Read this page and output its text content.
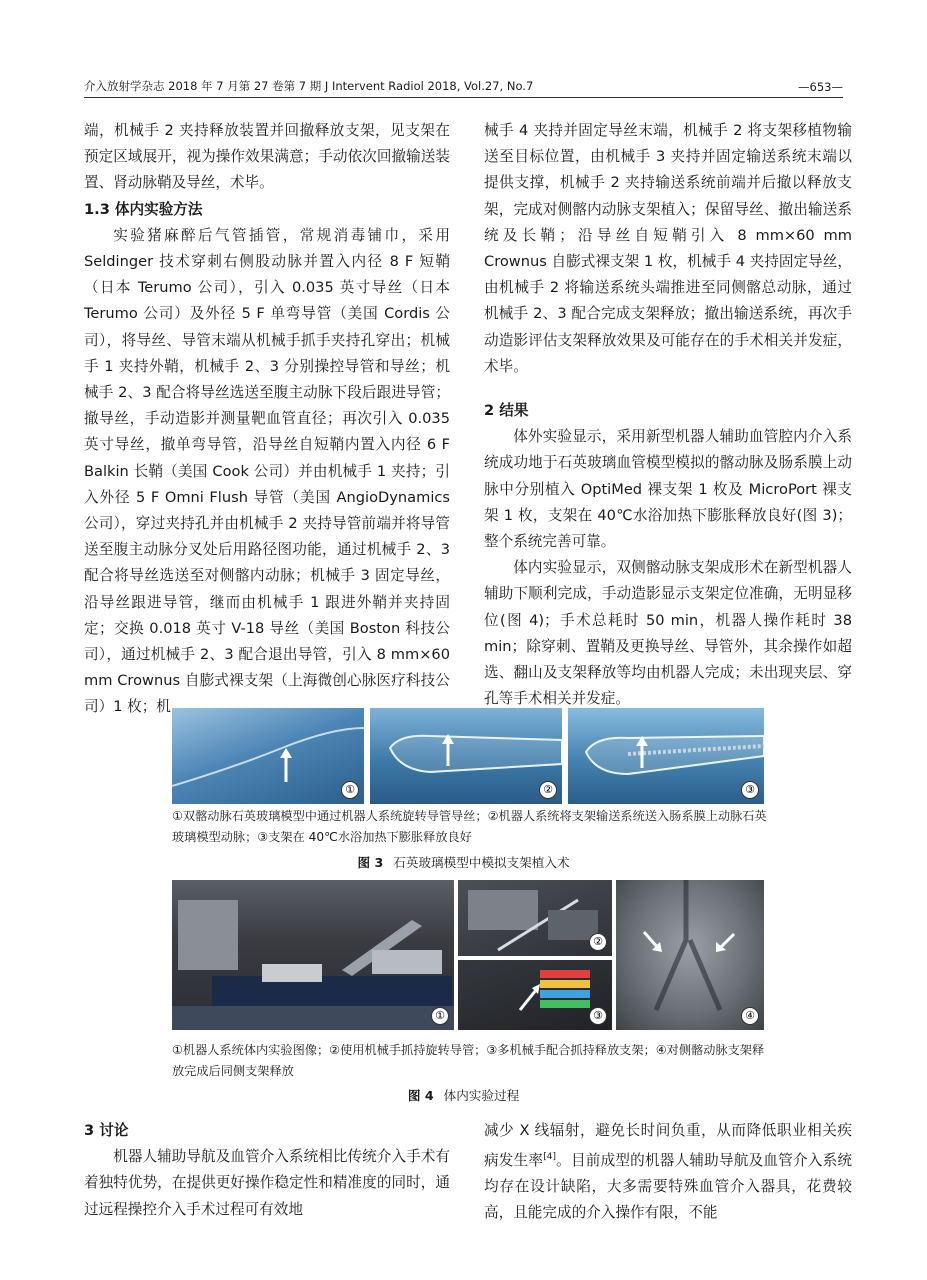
介入放射学杂志 2018 年 7 月第 27 卷第 7 期 J Intervent Radiol 2018, Vol.27, No.7	—653—

端，机械手 2 夹持释放装置并回撤释放支架，见支架在预定区域展开，视为操作效果满意；手动依次回撤输送装置、肾动脉鞘及导丝，术毕。

1.3 体内实验方法

实验猪麻醉后气管插管，常规消毒铺巾，采用 Seldinger 技术穿刺右侧股动脉并置入内径 8 F 短鞘（日本 Terumo 公司），引入 0.035 英寸导丝（日本 Terumo 公司）及外径 5 F 单弯导管（美国 Cordis 公司），将导丝、导管末端从机械手抓手夹持孔穿出；机械手 1 夹持外鞘，机械手 2、3 分别操控导管和导丝；机械手 2、3 配合将导丝选送至腹主动脉下段后跟进导管；撤导丝，手动造影并测量靶血管直径；再次引入 0.035 英寸导丝，撤单弯导管，沿导丝自短鞘内置入内径 6 F Balkin 长鞘（美国 Cook 公司）并由机械手 1 夹持；引入外径 5 F Omni Flush 导管（美国 AngioDynamics 公司），穿过夹持孔并由机械手 2 夹持导管前端并将导管送至腹主动脉分叉处后用路径图功能，通过机械手 2、3 配合将导丝选送至对侧髂内动脉；机械手 3 固定导丝，沿导丝跟进导管，继而由机械手 1 跟进外鞘并夹持固定；交换 0.018 英寸 V-18 导丝（美国 Boston 科技公司），通过机械手 2、3 配合退出导管，引入 8 mm×60 mm Crownus 自膨式裸支架（上海微创心脉医疗科技公司）1 枚；机

械手 4 夹持并固定导丝末端，机械手 2 将支架移植物输送至目标位置，由机械手 3 夹持并固定输送系统末端以提供支撑，机械手 2 夹持输送系统前端并后撤以释放支架，完成对侧髂内动脉支架植入；保留导丝、撤出输送系统及长鞘；沿导丝自短鞘引入 8 mm×60 mm Crownus 自膨式裸支架 1 枚，机械手 4 夹持固定导丝，由机械手 2 将输送系统头端推进至同侧髂总动脉，通过机械手 2、3 配合完成支架释放；撤出输送系统，再次手动造影评估支架释放效果及可能存在的手术相关并发症，术毕。

2 结果

体外实验显示，采用新型机器人辅助血管腔内介入系统成功地于石英玻璃血管模型模拟的髂动脉及肠系膜上动脉中分别植入 OptiMed 裸支架 1 枚及 MicroPort 裸支架 1 枚，支架在 40℃水浴加热下膨胀释放良好(图 3)；整个系统完善可靠。

体内实验显示，双侧髂动脉支架成形术在新型机器人辅助下顺利完成，手动造影显示支架定位准确，无明显移位(图 4)；手术总耗时 50 min，机器人操作耗时 38 min；除穿刺、置鞘及更换导丝、导管外，其余操作如超选、翻山及支架释放等均由机器人完成；未出现夹层、穿孔等手术相关并发症。

①	②	③
①双髂动脉石英玻璃模型中通过机器人系统旋转导管导丝；②机器人系统将支架输送系统送入肠系膜上动脉石英玻璃模型动脉；③支架在 40℃水浴加热下膨胀释放良好
图 3 石英玻璃模型中模拟支架植入术
①
②
③	④
①机器人系统体内实验图像；②使用机械手抓持旋转导管；③多机械手配合抓持释放支架；④对侧髂动脉支架释放完成后同侧支架释放
图 4 体内实验过程

3 讨论

机器人辅助导航及血管介入系统相比传统介入手术有着独特优势，在提供更好操作稳定性和精准度的同时，通过远程操控介入手术过程可有效地

减少 X 线辐射，避免长时间负重，从而降低职业相关疾病发生率[4]。目前成型的机器人辅助导航及血管介入系统均存在设计缺陷，大多需要特殊血管介入器具，花费较高，且能完成的介入操作有限，不能
